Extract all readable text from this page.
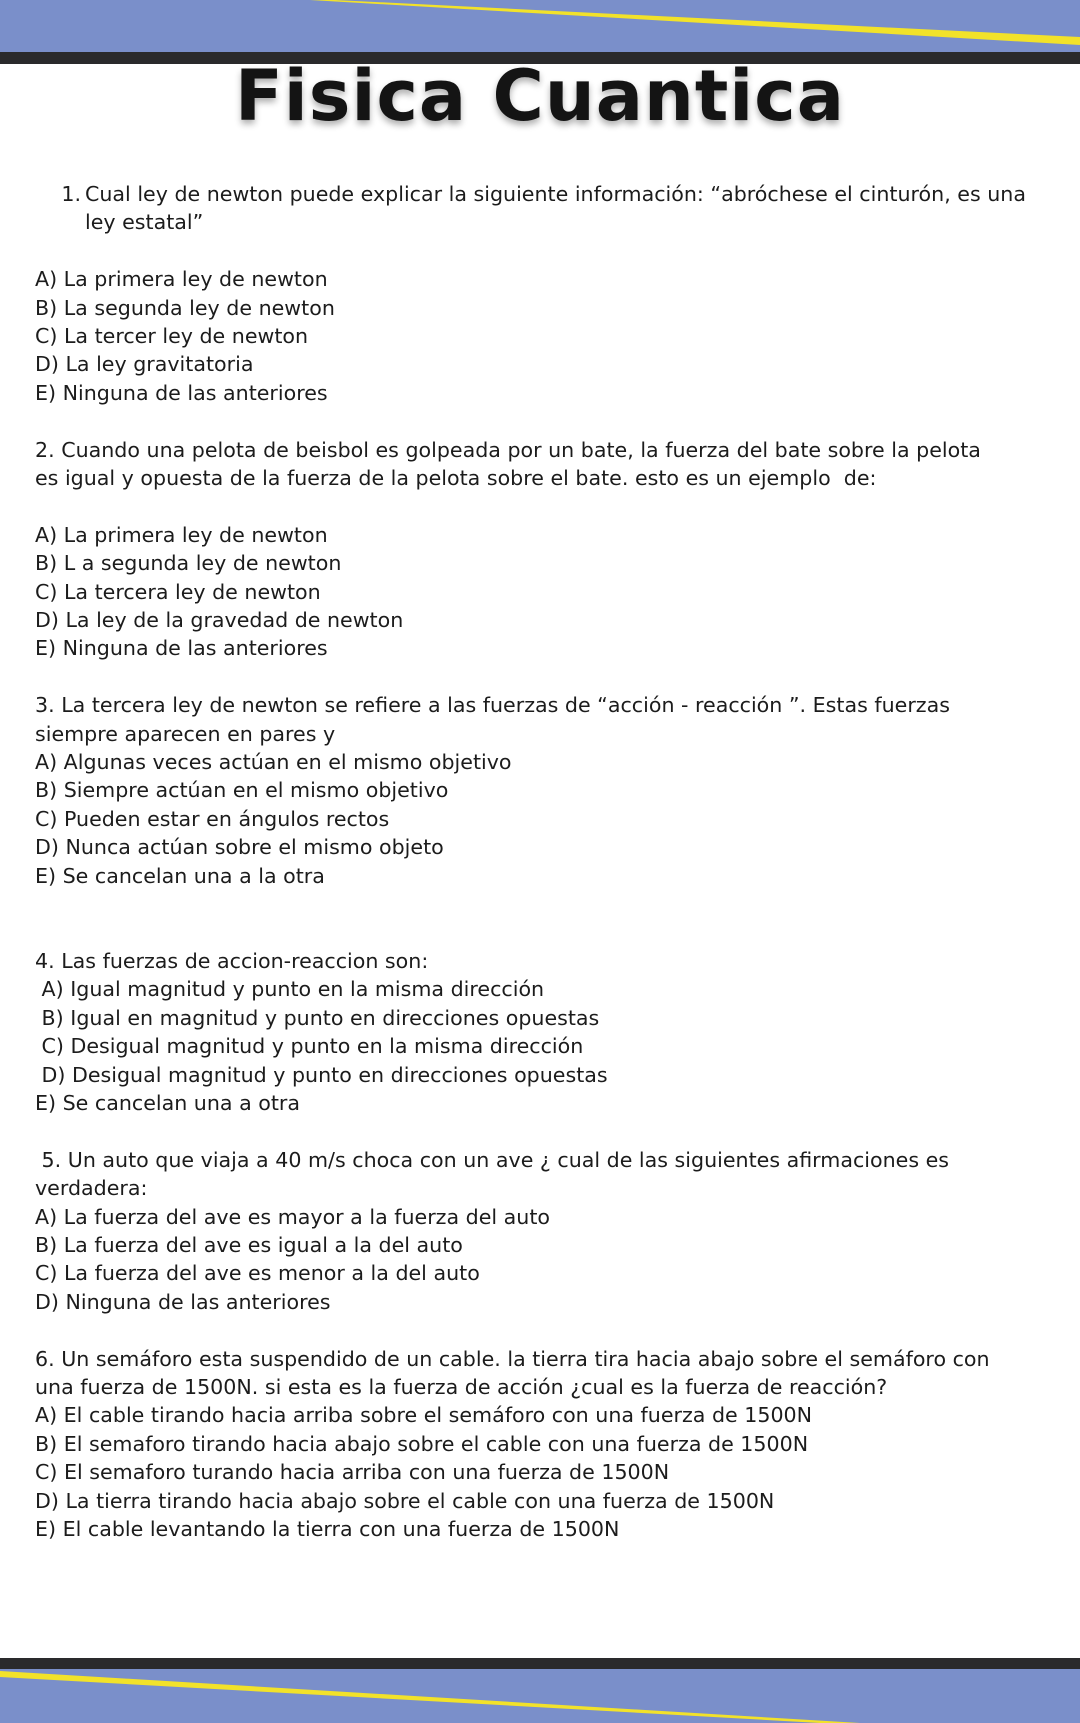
Fisica Cuantica
1. Cual ley de newton puede explicar la siguiente información: “abróchese el cinturón, es una ley estatal”
A) La primera ley de newton
B) La segunda ley de newton
C) La tercer ley de newton
D) La ley gravitatoria
E) Ninguna de las anteriores
2. Cuando una pelota de beisbol es golpeada por un bate, la fuerza del bate sobre la pelota
es igual y opuesta de la fuerza de la pelota sobre el bate. esto es un ejemplo  de:
A) La primera ley de newton
B) L a segunda ley de newton
C) La tercera ley de newton
D) La ley de la gravedad de newton
E) Ninguna de las anteriores
3. La tercera ley de newton se refiere a las fuerzas de “acción - reacción ”. Estas fuerzas
siempre aparecen en pares y
A) Algunas veces actúan en el mismo objetivo
B) Siempre actúan en el mismo objetivo
C) Pueden estar en ángulos rectos
D) Nunca actúan sobre el mismo objeto
E) Se cancelan una a la otra
4. Las fuerzas de accion-reaccion son:
A) Igual magnitud y punto en la misma dirección
B) Igual en magnitud y punto en direcciones opuestas
C) Desigual magnitud y punto en la misma dirección
D) Desigual magnitud y punto en direcciones opuestas
E) Se cancelan una a otra
5. Un auto que viaja a 40 m/s choca con un ave ¿ cual de las siguientes afirmaciones es
verdadera:
A) La fuerza del ave es mayor a la fuerza del auto
B) La fuerza del ave es igual a la del auto
C) La fuerza del ave es menor a la del auto
D) Ninguna de las anteriores
6. Un semáforo esta suspendido de un cable. la tierra tira hacia abajo sobre el semáforo con
una fuerza de 1500N. si esta es la fuerza de acción ¿cual es la fuerza de reacción?
A) El cable tirando hacia arriba sobre el semáforo con una fuerza de 1500N
B) El semaforo tirando hacia abajo sobre el cable con una fuerza de 1500N
C) El semaforo turando hacia arriba con una fuerza de 1500N
D) La tierra tirando hacia abajo sobre el cable con una fuerza de 1500N
E) El cable levantando la tierra con una fuerza de 1500N
